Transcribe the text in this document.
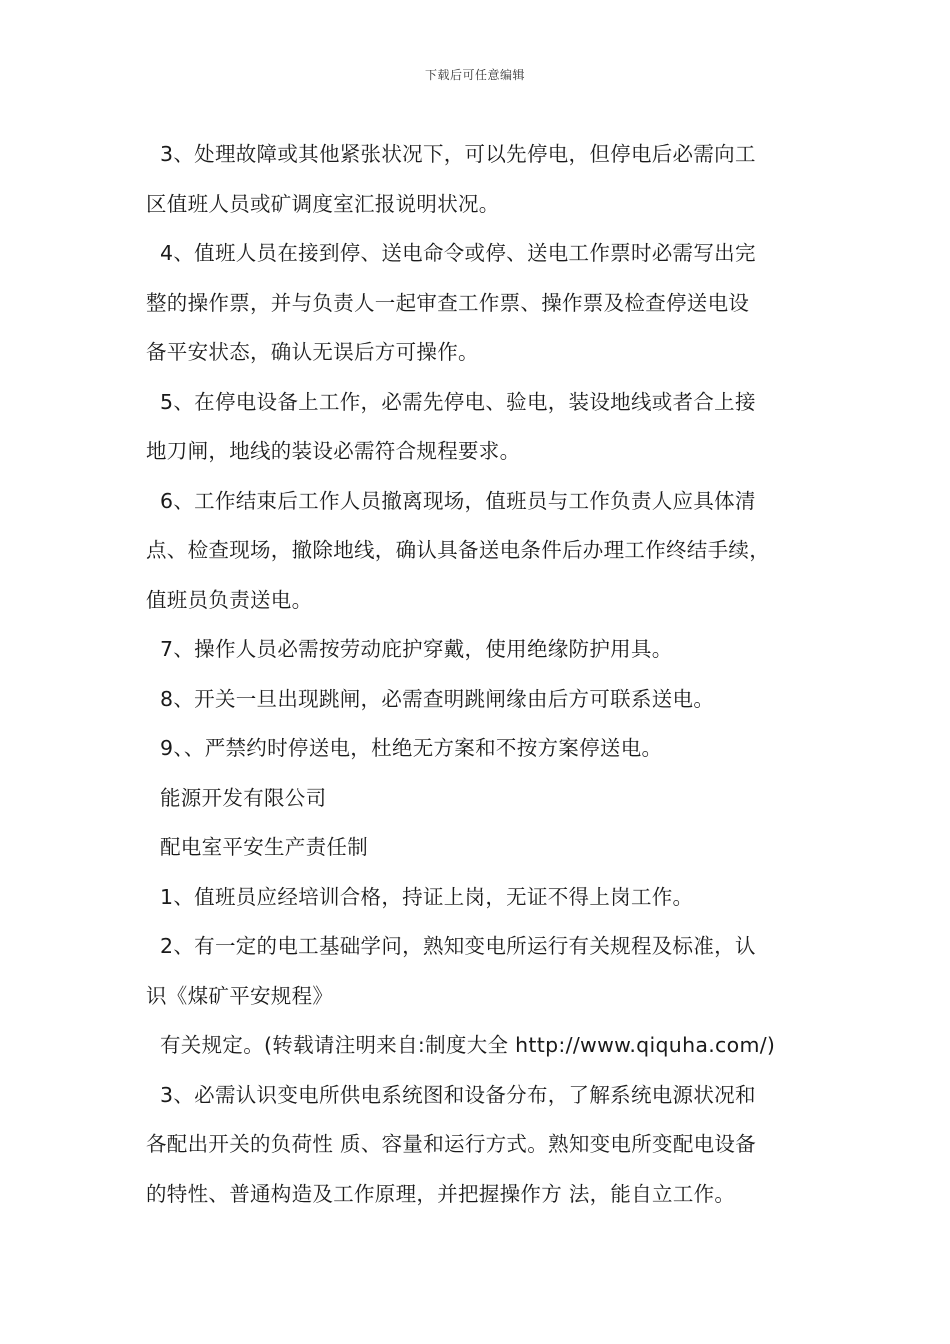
下载后可任意编辑
3、处理故障或其他紧张状况下，可以先停电，但停电后必需向工
区值班人员或矿调度室汇报说明状况。
4、值班人员在接到停、送电命令或停、送电工作票时必需写出完
整的操作票，并与负责人一起审查工作票、操作票及检查停送电设
备平安状态，确认无误后方可操作。
5、在停电设备上工作，必需先停电、验电，装设地线或者合上接
地刀闸，地线的装设必需符合规程要求。
6、工作结束后工作人员撤离现场，值班员与工作负责人应具体清
点、检查现场，撤除地线，确认具备送电条件后办理工作终结手续，
值班员负责送电。
7、操作人员必需按劳动庇护穿戴，使用绝缘防护用具。
8、开关一旦出现跳闸，必需查明跳闸缘由后方可联系送电。
9、、严禁约时停送电，杜绝无方案和不按方案停送电。
能源开发有限公司
配电室平安生产责任制
1、值班员应经培训合格，持证上岗，无证不得上岗工作。
2、有一定的电工基础学问，熟知变电所运行有关规程及标准，认
识《煤矿平安规程》
有关规定。(转载请注明来自:制度大全 http://www.qiquha.com/)
3、必需认识变电所供电系统图和设备分布，了解系统电源状况和
各配出开关的负荷性 质、容量和运行方式。熟知变电所变配电设备
的特性、普通构造及工作原理，并把握操作方 法，能自立工作。
